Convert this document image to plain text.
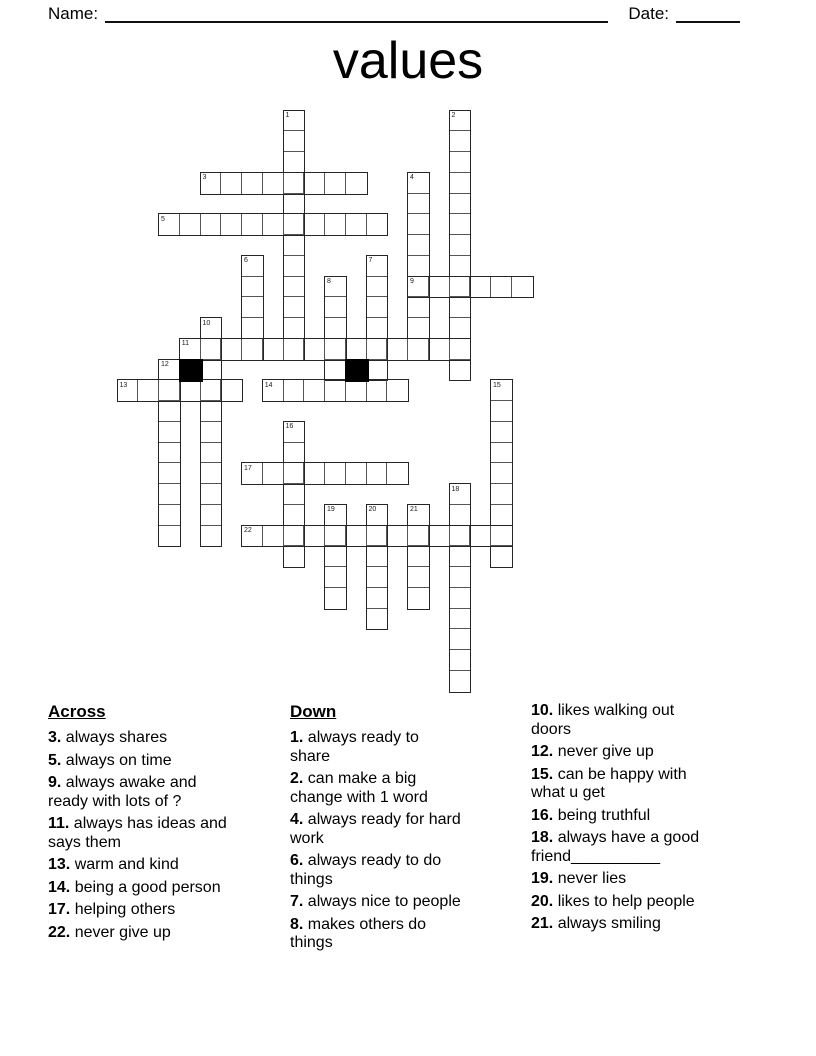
Name:	Date:
values
1	2
3	4
5
6	7
8	9
10
11
12
13	14	15
16
17
18
19	20	21
22
Across
3. always shares
5. always on time
9. always awake and
ready with lots of ?
11. always has ideas and
says them
13. warm and kind
14. being a good person
17. helping others
22. never give up
Down
1. always ready to
share
2. can make a big
change with 1 word
4. always ready for hard
work
6. always ready to do
things
7. always nice to people
8. makes others do
things
10. likes walking out
doors
12. never give up
15. can be happy with
what u get
16. being truthful
18. always have a good
friend__________
19. never lies
20. likes to help people
21. always smiling
